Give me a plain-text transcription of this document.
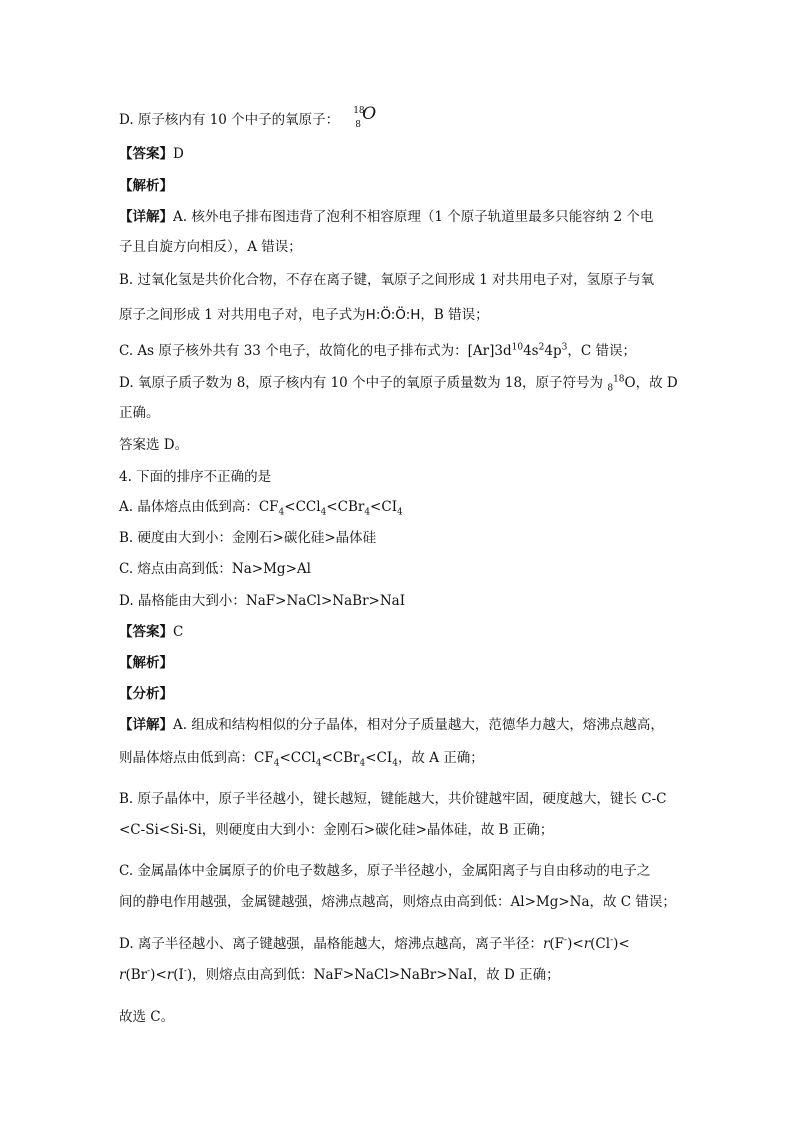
D. 原子核内有 10 个中子的氧原子：
18
8
O
【答案】D
【解析】
【详解】A. 核外电子排布图违背了泡利不相容原理（1 个原子轨道里最多只能容纳 2 个电
子且自旋方向相反），A 错误；
B. 过氧化氢是共价化合物，不存在离子键，氧原子之间形成 1 对共用电子对，氢原子与氧
原子之间形成 1 对共用电子对，电子式为H:Ö:Ö:H，B 错误；
C. As 原子核外共有 33 个电子，故简化的电子排布式为：$[Ar]3d^{10}4s^24p^3$，C 错误；
D. 氧原子质子数为 8，原子核内有 10 个中子的氧原子质量数为 18，原子符号为 $_8^{18}$O，故 D
正确。
答案选 D。
4. 下面的排序不正确的是
A. 晶体熔点由低到高：$CF_4<CCl_4<CBr_4<CI_4$
B. 硬度由大到小：金刚石>碳化硅>晶体硅
C. 熔点由高到低：Na>Mg>Al
D. 晶格能由大到小：NaF>NaCl>NaBr>NaI
【答案】C
【解析】
【分析】
【详解】A. 组成和结构相似的分子晶体，相对分子质量越大，范德华力越大，熔沸点越高，
则晶体熔点由低到高：$CF_4<CCl_4<CBr_4<CI_4$，故 A 正确；
B. 原子晶体中，原子半径越小，键长越短，键能越大，共价键越牢固，硬度越大，键长 C-C
<C-Si<Si-Si，则硬度由大到小：金刚石>碳化硅>晶体硅，故 B 正确；
C. 金属晶体中金属原子的价电子数越多，原子半径越小，金属阳离子与自由移动的电子之
间的静电作用越强，金属键越强，熔沸点越高，则熔点由高到低：Al>Mg>Na，故 C 错误；
D. 离子半径越小、离子键越强，晶格能越大，熔沸点越高，离子半径：r(F-)<r(Cl-)<
r(Br-)<r(I-)，则熔点由高到低：NaF>NaCl>NaBr>NaI，故 D 正确；
故选 C。
